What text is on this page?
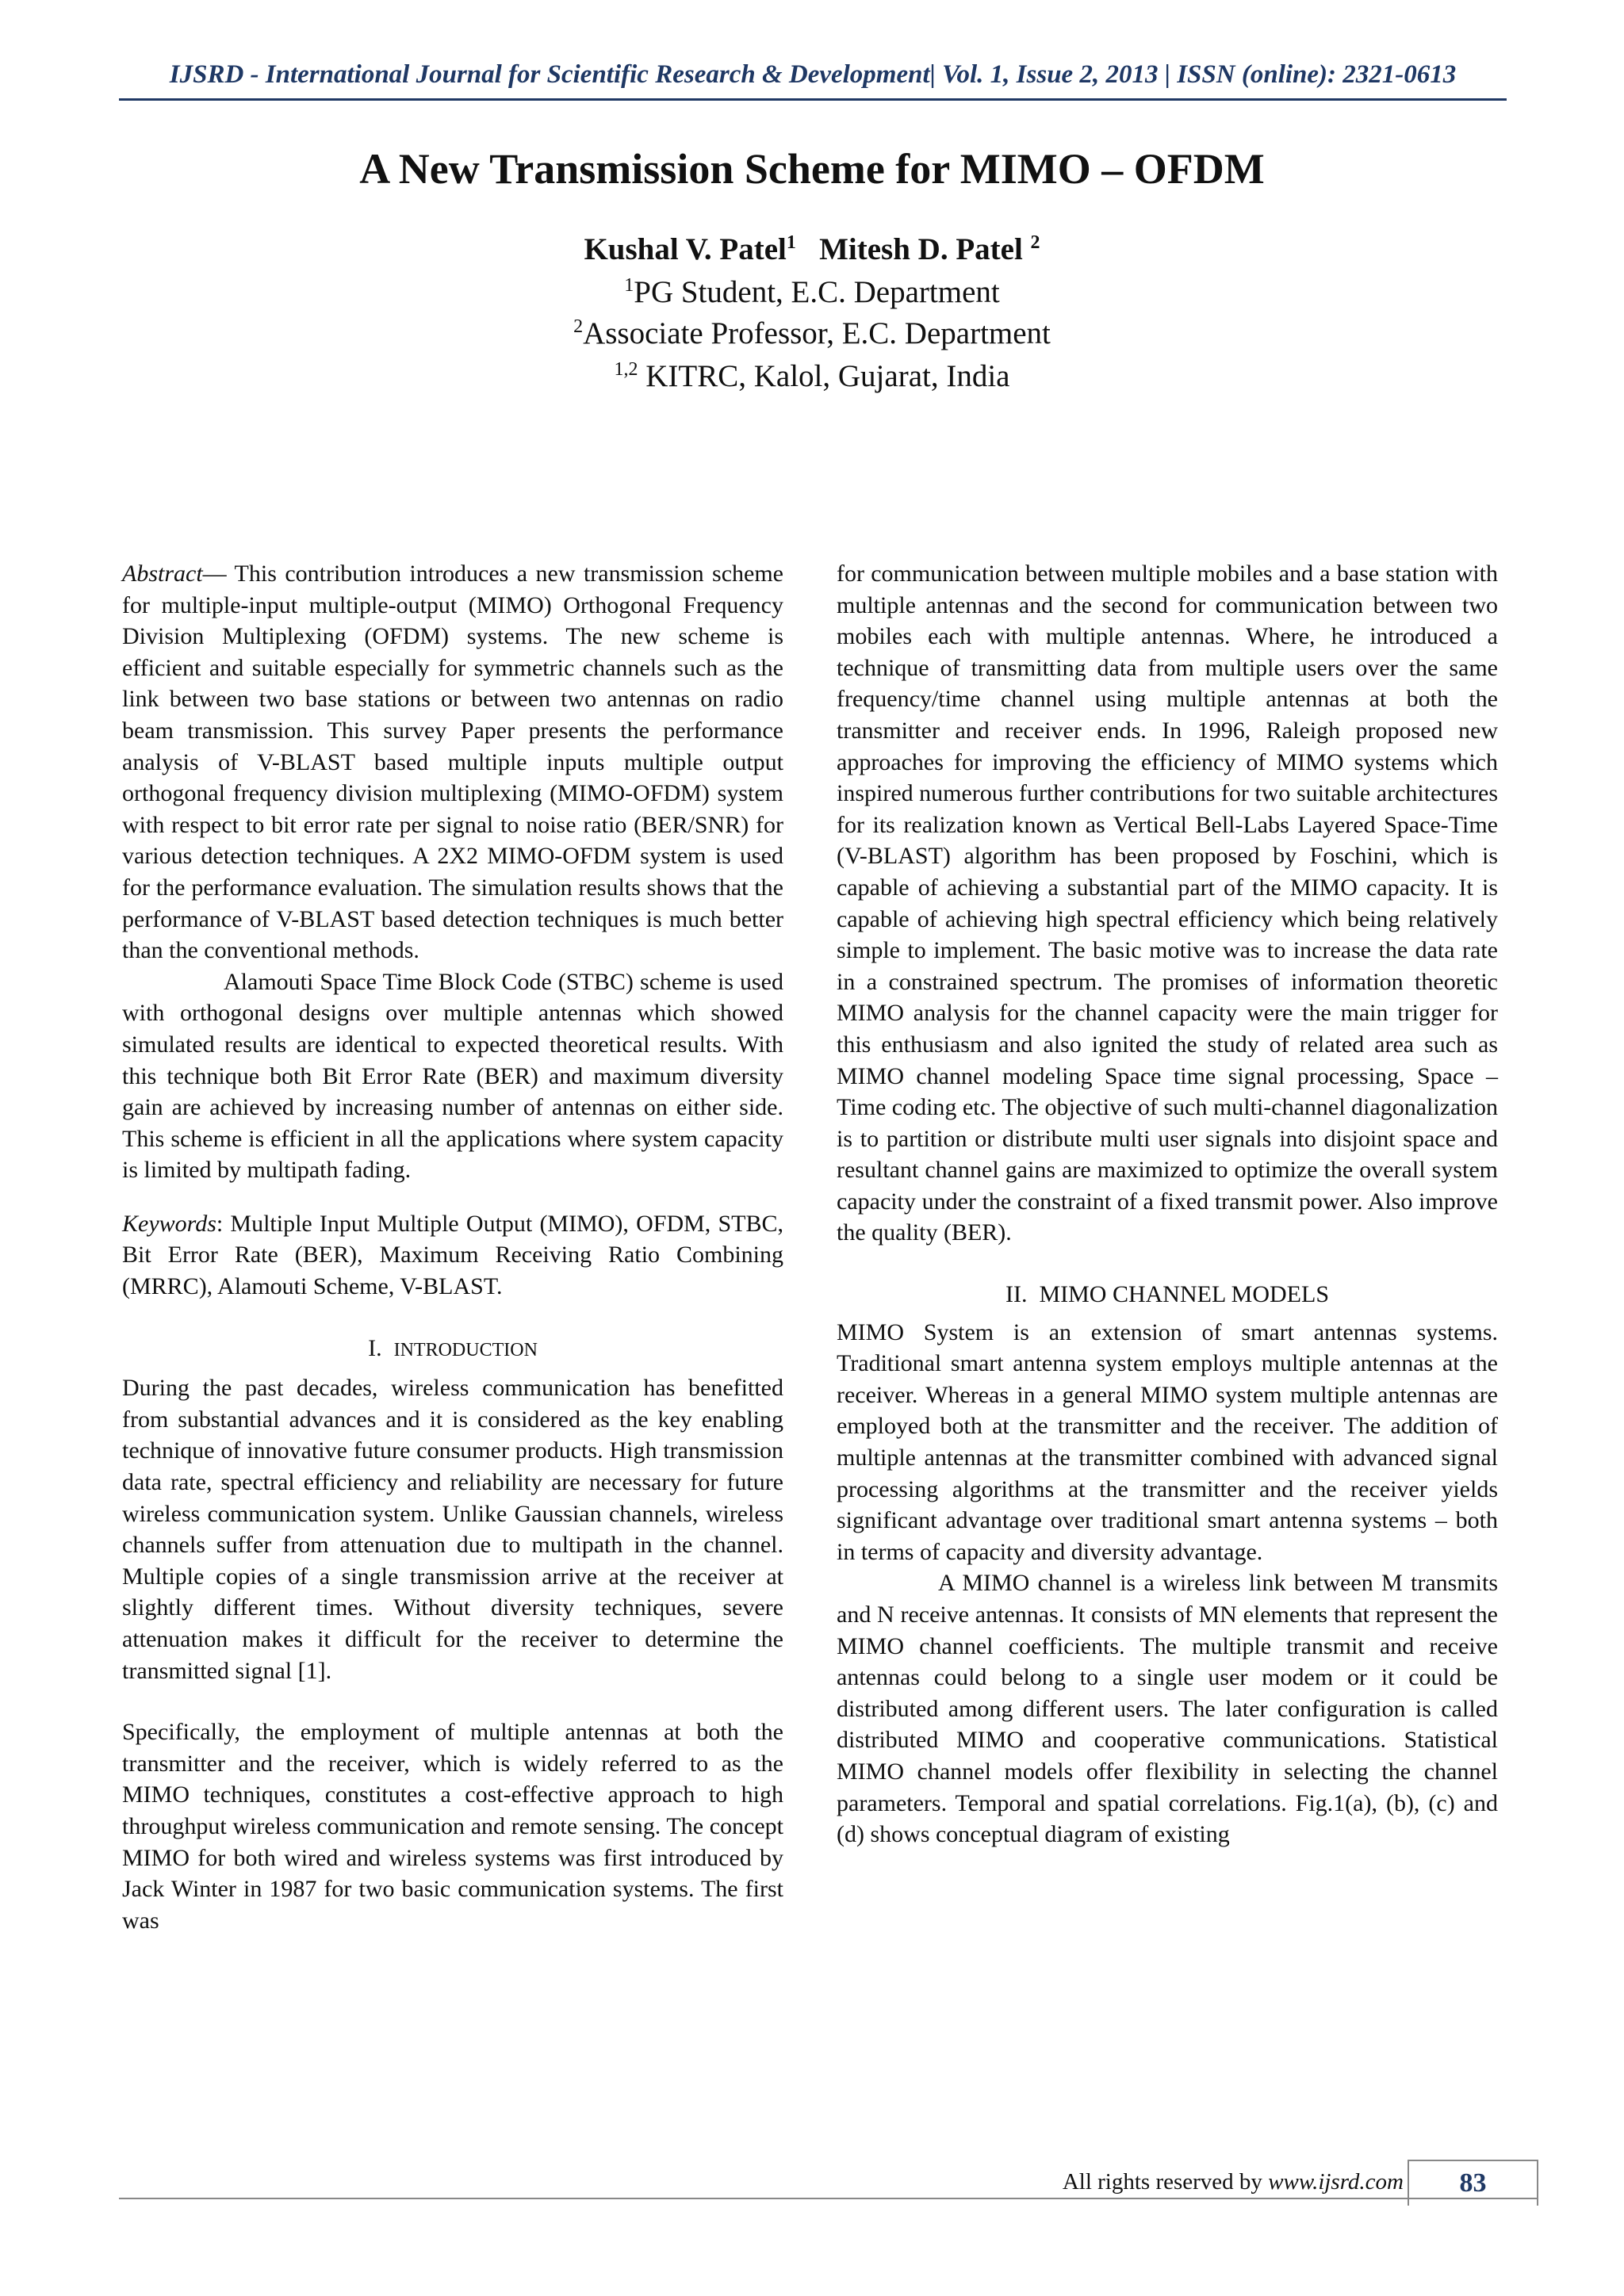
IJSRD - International Journal for Scientific Research & Development| Vol. 1, Issue 2, 2013 | ISSN (online): 2321-0613
A New Transmission Scheme for MIMO – OFDM
Kushal V. Patel$^1$ Mitesh D. Patel $^2$
$^1$PG Student, E.C. Department
$^2$Associate Professor, E.C. Department
$^{1,2}$ KITRC, Kalol, Gujarat, India

Abstract— This contribution introduces a new transmission scheme for multiple-input multiple-output (MIMO) Orthogonal Frequency Division Multiplexing (OFDM) systems. The new scheme is efficient and suitable especially for symmetric channels such as the link between two base stations or between two antennas on radio beam transmission. This survey Paper presents the performance analysis of V-BLAST based multiple inputs multiple output orthogonal frequency division multiplexing (MIMO-OFDM) system with respect to bit error rate per signal to noise ratio (BER/SNR) for various detection techniques. A 2X2 MIMO-OFDM system is used for the performance evaluation. The simulation results shows that the performance of V-BLAST based detection techniques is much better than the conventional methods.

Alamouti Space Time Block Code (STBC) scheme is used with orthogonal designs over multiple antennas which showed simulated results are identical to expected theoretical results. With this technique both Bit Error Rate (BER) and maximum diversity gain are achieved by increasing number of antennas on either side. This scheme is efficient in all the applications where system capacity is limited by multipath fading.

Keywords: Multiple Input Multiple Output (MIMO), OFDM, STBC, Bit Error Rate (BER), Maximum Receiving Ratio Combining (MRRC), Alamouti Scheme, V-BLAST.

I. INTRODUCTION

During the past decades, wireless communication has benefitted from substantial advances and it is considered as the key enabling technique of innovative future consumer products. High transmission data rate, spectral efficiency and reliability are necessary for future wireless communication system. Unlike Gaussian channels, wireless channels suffer from attenuation due to multipath in the channel. Multiple copies of a single transmission arrive at the receiver at slightly different times. Without diversity techniques, severe attenuation makes it difficult for the receiver to determine the transmitted signal [1].

Specifically, the employment of multiple antennas at both the transmitter and the receiver, which is widely referred to as the MIMO techniques, constitutes a cost-effective approach to high throughput wireless communication and remote sensing. The concept MIMO for both wired and wireless systems was first introduced by Jack Winter in 1987 for two basic communication systems. The first was

for communication between multiple mobiles and a base station with multiple antennas and the second for communication between two mobiles each with multiple antennas. Where, he introduced a technique of transmitting data from multiple users over the same frequency/time channel using multiple antennas at both the transmitter and receiver ends. In 1996, Raleigh proposed new approaches for improving the efficiency of MIMO systems which inspired numerous further contributions for two suitable architectures for its realization known as Vertical Bell-Labs Layered Space-Time (V-BLAST) algorithm has been proposed by Foschini, which is capable of achieving a substantial part of the MIMO capacity. It is capable of achieving high spectral efficiency which being relatively simple to implement. The basic motive was to increase the data rate in a constrained spectrum. The promises of information theoretic MIMO analysis for the channel capacity were the main trigger for this enthusiasm and also ignited the study of related area such as MIMO channel modeling Space time signal processing, Space – Time coding etc. The objective of such multi-channel diagonalization is to partition or distribute multi user signals into disjoint space and resultant channel gains are maximized to optimize the overall system capacity under the constraint of a fixed transmit power. Also improve the quality (BER).

II. MIMO CHANNEL MODELS

MIMO System is an extension of smart antennas systems. Traditional smart antenna system employs multiple antennas at the receiver. Whereas in a general MIMO system multiple antennas are employed both at the transmitter and the receiver. The addition of multiple antennas at the transmitter combined with advanced signal processing algorithms at the transmitter and the receiver yields significant advantage over traditional smart antenna systems – both in terms of capacity and diversity advantage.

A MIMO channel is a wireless link between M transmits and N receive antennas. It consists of MN elements that represent the MIMO channel coefficients. The multiple transmit and receive antennas could belong to a single user modem or it could be distributed among different users. The later configuration is called distributed MIMO and cooperative communications. Statistical MIMO channel models offer flexibility in selecting the channel parameters. Temporal and spatial correlations. Fig.1(a), (b), (c) and (d) shows conceptual diagram of existing

All rights reserved by www.ijsrd.com	83
